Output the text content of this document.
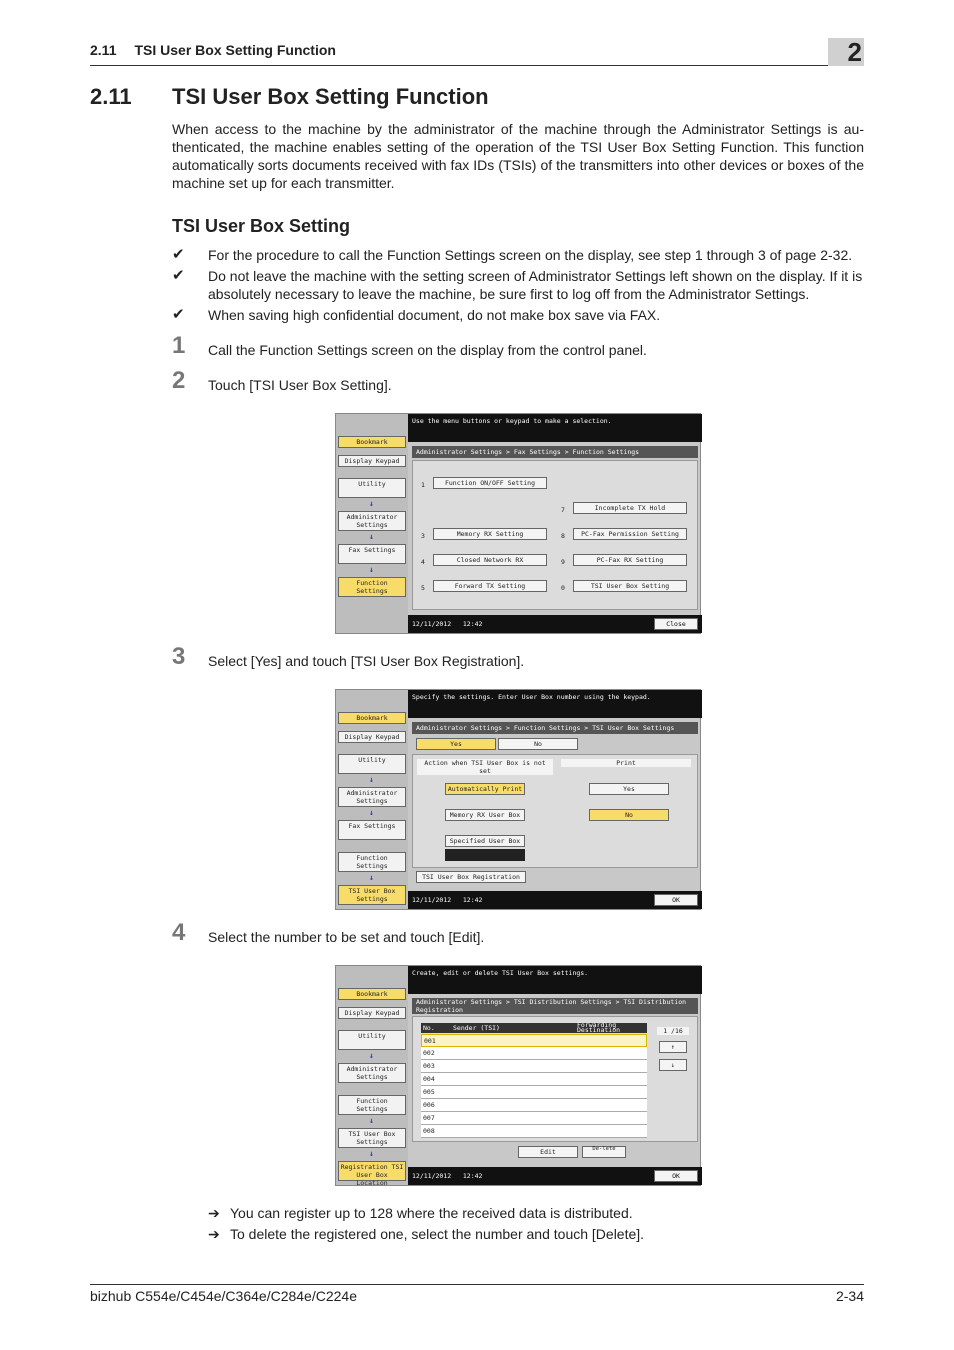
2.11 TSI User Box Setting Function	2
2.11 TSI User Box Setting Function
When access to the machine by the administrator of the machine through the Administrator Settings is au-thenticated, the machine enables setting of the operation of the TSI User Box Setting Function. This function automatically sorts documents received with fax IDs (TSIs) of the transmitters into other devices or boxes of the machine set up for each transmitter.
TSI User Box Setting
✔ For the procedure to call the Function Settings screen on the display, see step 1 through 3 of page 2-32.
✔ Do not leave the machine with the setting screen of Administrator Settings left shown on the display. If it is absolutely necessary to leave the machine, be sure first to log off from the Administrator Settings.
✔ When saving high confidential document, do not make box save via FAX.
1 Call the Function Settings screen on the display from the control panel.
2 Touch [TSI User Box Setting].
Bookmark
Display Keypad
Utility
↓
Administrator Settings
↓
Fax Settings
↓
Function Settings
Use the menu buttons or keypad to make a selection.
Administrator Settings > Fax Settings > Function Settings
1	Function ON/OFF Setting
3	Memory RX Setting
4	Closed Network RX
5	Forward TX Setting
7	Incomplete TX Hold
8	PC-Fax Permission Setting
9	PC-Fax RX Setting
0	TSI User Box Setting
12/11/2012 12:42	Close
3 Select [Yes] and touch [TSI User Box Registration].
Bookmark
Display Keypad
Utility
↓
Administrator Settings
↓
Fax Settings
Function Settings
↓
TSI User Box Settings
Specify the settings. Enter User Box number using the keypad.
Administrator Settings > Function Settings > TSI User Box Settings
Yes	No
Action when TSI User Box is not set
Automatically Print
Memory RX User Box
Specified User Box
Print
Yes
No
TSI User Box Registration
12/11/2012 12:42	OK
4 Select the number to be set and touch [Edit].
Bookmark
Display Keypad
Utility
↓
Administrator Settings
Function Settings
↓
TSI User Box Settings
↓
Registration TSI User Box Location
Create, edit or delete TSI User Box settings.
Administrator Settings > TSI Distribution Settings > TSI Distribution Registration
No.	Sender (TSI)	Forwarding Destination
001
002
003
004
005
006
007
008
1 /16
↑
↓
Edit	De-lete
12/11/2012 12:42	OK
➔ You can register up to 128 where the received data is distributed.
➔ To delete the registered one, select the number and touch [Delete].
bizhub C554e/C454e/C364e/C284e/C224e	2-34
